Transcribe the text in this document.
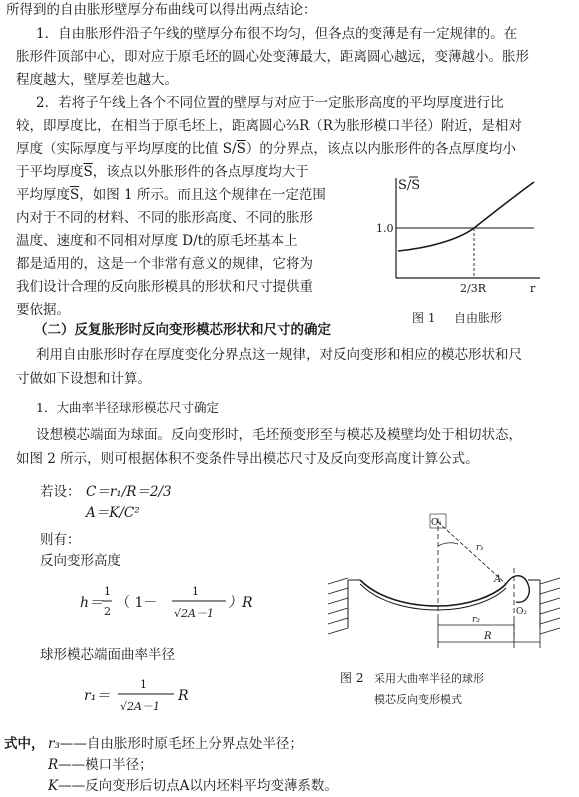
所得到的自由胀形壁厚分布曲线可以得出两点结论：
1．自由胀形件沿子午线的壁厚分布很不均匀，但各点的变薄是有一定规律的。在
胀形件顶部中心，即对应于原毛坯的圆心处变薄最大，距离圆心越远，变薄越小。胀形
程度越大，壁厚差也越大。
2．若将子午线上各个不同位置的壁厚与对应于一定胀形高度的平均厚度进行比
较，即厚度比，在相当于原毛坯上，距离圆心⅔R（R为胀形模口半径）附近，是相对
厚度（实际厚度与平均厚度的比值 $S/\overline{S}$）的分界点，该点以内胀形件的各点厚度均小
于平均厚度$\overline{S}$，该点以外胀形件的各点厚度均大于
平均厚度$\overline{S}$，如图 1 所示。而且这个规律在一定范围
内对于不同的材料、不同的胀形高度、不同的胀形
温度、速度和不同相对厚度 D/t的原毛坯基本上
都是适用的，这是一个非常有意义的规律，它将为
我们设计合理的反向胀形模具的形状和尺寸提供重
要依据。
S/S
1.0
2/3R	r
图 1 自由胀形
（二）反复胀形时反向变形模芯形状和尺寸的确定
利用自由胀形时存在厚度变化分界点这一规律，对反向变形和相应的模芯形状和尺
寸做如下设想和计算。
1．大曲率半径球形模芯尺寸确定
设想模芯端面为球面。反向变形时，毛坯预变形至与模芯及模壁均处于相切状态，
如图 2 所示，则可根据体积不变条件导出模芯尺寸及反向变形高度计算公式。
若设： C＝r₁/R＝2/3
A＝K/C²
则有：
反向变形高度
h＝
1
2
（ 1－
1
√2A－1
）R
球形模芯端面曲率半径
r₁＝
1
√2A－1
R
O₁
r₁
A
O₂
r₃
R
图 2 采用大曲率半径的球形
模芯反向变形模式
式中， r₃——自由胀形时原毛坯上分界点处半径；
R——模口半径；
K——反向变形后切点A以内坯料平均变薄系数。
